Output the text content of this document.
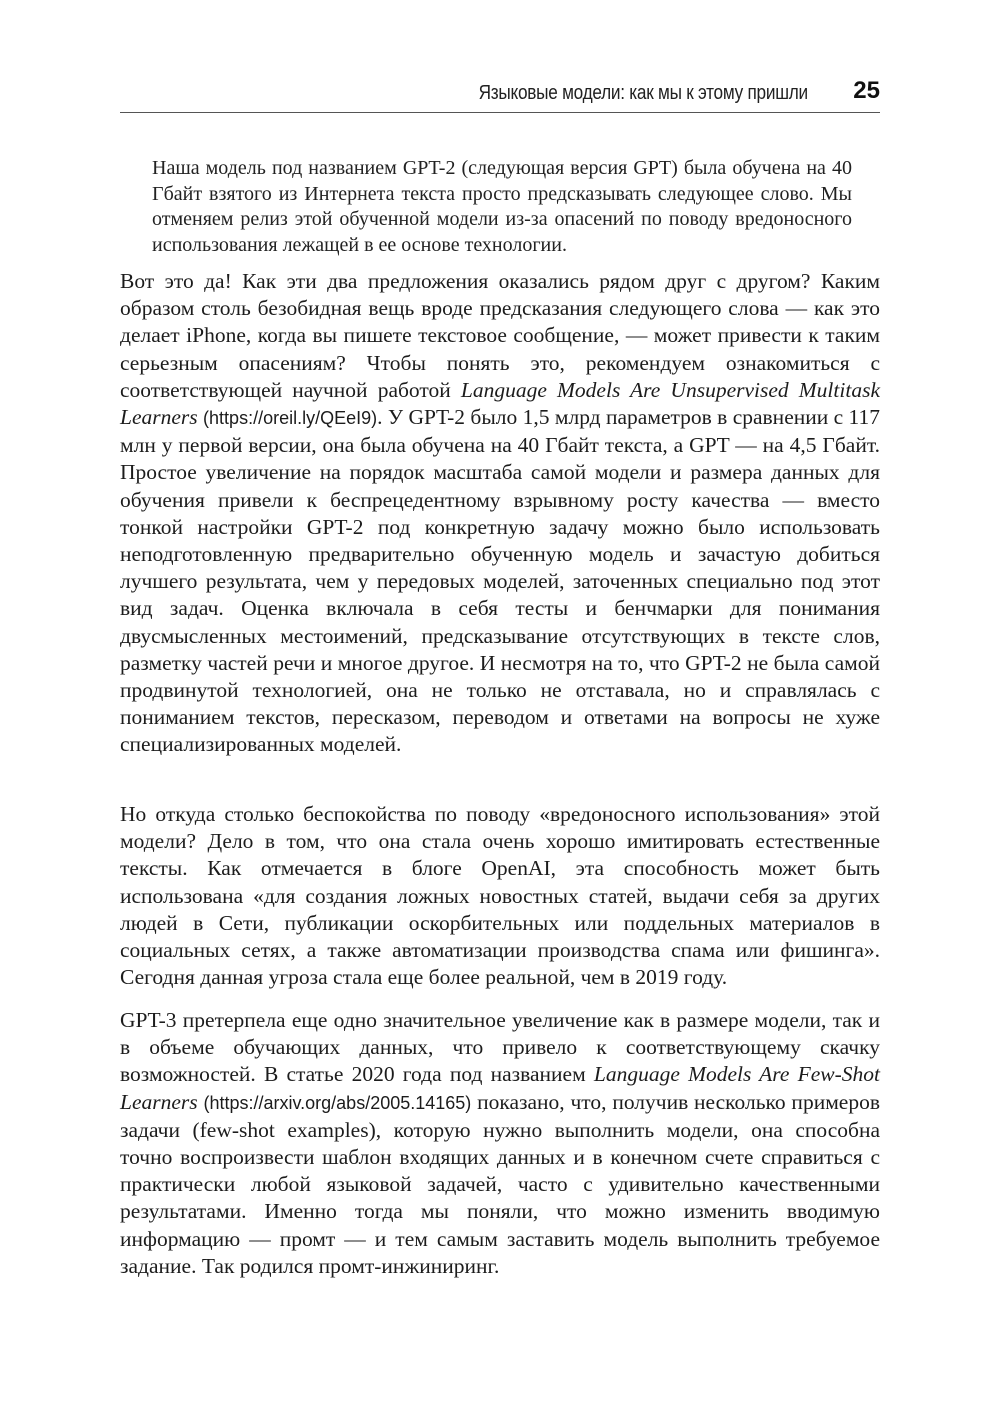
Языковые модели: как мы к этому пришли 25

Наша модель под названием GPT-2 (следующая версия GPT) была обучена на 40 Гбайт взятого из Интернета текста просто предсказывать следующее слово. Мы отменяем релиз этой обученной модели из-за опасений по поводу вредоносного использования лежащей в ее основе технологии.

Вот это да! Как эти два предложения оказались рядом друг с другом? Каким образом столь безобидная вещь вроде предсказания следующего слова — как это делает iPhone, когда вы пишете текстовое сообщение, — может привести к таким серьезным опасениям? Чтобы понять это, рекомендуем ознакомиться с соответствующей научной работой Language Models Are Unsupervised Multitask Learners (https://oreil.ly/QEeI9). У GPT-2 было 1,5 млрд параметров в сравнении с 117 млн у первой версии, она была обучена на 40 Гбайт текста, а GPT — на 4,5 Гбайт. Простое увеличение на порядок масштаба самой модели и размера данных для обучения привели к беспрецедентному взрывному росту качества — вместо тонкой настройки GPT-2 под конкретную задачу можно было использовать неподготовленную предварительно обученную модель и зачастую добиться лучшего результата, чем у передовых моделей, заточенных специально под этот вид задач. Оценка включала в себя тесты и бенчмарки для понимания двусмысленных местоимений, предсказывание отсутствующих в тексте слов, разметку частей речи и многое другое. И несмотря на то, что GPT-2 не была самой продвинутой технологией, она не только не отставала, но и справлялась с пониманием текстов, пересказом, переводом и ответами на вопросы не хуже специализированных моделей.

Но откуда столько беспокойства по поводу «вредоносного использования» этой модели? Дело в том, что она стала очень хорошо имитировать естественные тексты. Как отмечается в блоге OpenAI, эта способность может быть использована «для создания ложных новостных статей, выдачи себя за других людей в Сети, публикации оскорбительных или поддельных материалов в социальных сетях, а также автоматизации производства спама или фишинга». Сегодня данная угроза стала еще более реальной, чем в 2019 году.

GPT-3 претерпела еще одно значительное увеличение как в размере модели, так и в объеме обучающих данных, что привело к соответствующему скачку возможностей. В статье 2020 года под названием Language Models Are Few-Shot Learners (https://arxiv.org/abs/2005.14165) показано, что, получив несколько примеров задачи (few-shot examples), которую нужно выполнить модели, она способна точно воспроизвести шаблон входящих данных и в конечном счете справиться с практически любой языковой задачей, часто с удивительно качественными результатами. Именно тогда мы поняли, что можно изменить вводимую информацию — промт — и тем самым заставить модель выполнить требуемое задание. Так родился промт-инжиниринг.
